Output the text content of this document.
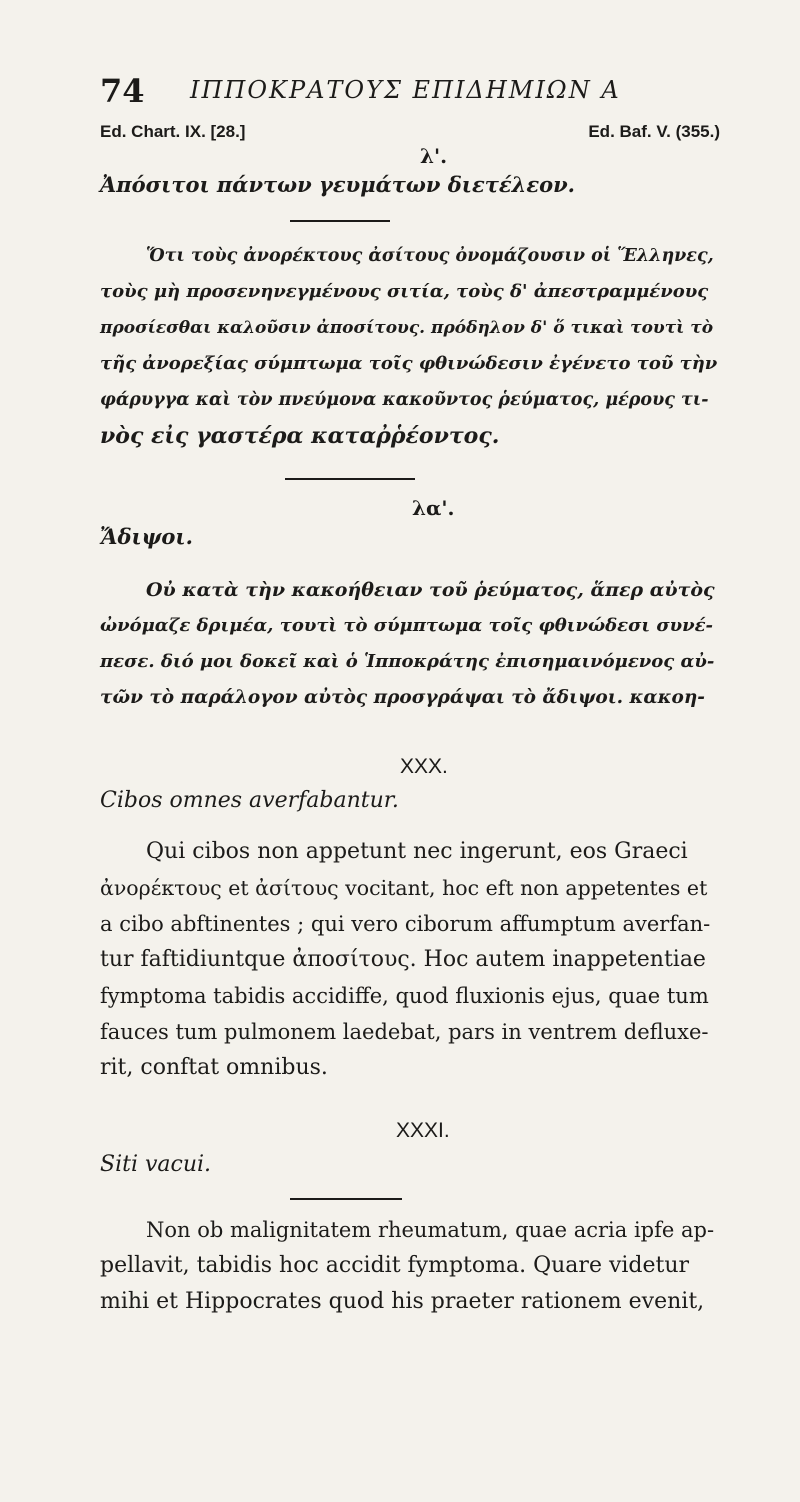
74 ΙΠΠΟΚΡΑΤΟΥΣ ΕΠΙΔΗΜΙΩΝ Α
Ed. Chart. IX. [28.]	Ed. Baf. V. (355.)
λ'.
Ἀπόσιτοι πάντων γευμάτων διετέλεον.
Ὅτι τοὺς ἀνορέκτους ἀσίτους ὀνομάζουσιν οἱ Ἕλληνες,
τοὺς μὴ προσενηνεγμένους σιτία, τοὺς δ' ἀπεστραμμένους
προσίεσθαι καλοῦσιν ἀποσίτους. πρόδηλον δ' ὅ τικαὶ τουτὶ τὸ
τῆς ἀνορεξίας σύμπτωμα τοῖς φθινώδεσιν ἐγένετο τοῦ τὴν
φάρυγγα καὶ τὸν πνεύμονα κακοῦντος ῥεύματος, μέρους τι-
νὸς εἰς γαστέρα καταῤῥέοντος.
λα'.
Ἄδιψοι.
Οὐ κατὰ τὴν κακοήθειαν τοῦ ῥεύματος, ἅπερ αὐτὸς
ὠνόμαζε δριμέα, τουτὶ τὸ σύμπτωμα τοῖς φθινώδεσι συνέ-
πεσε. διό μοι δοκεῖ καὶ ὁ Ἱπποκράτης ἐπισημαινόμενος αὐ-
τῶν τὸ παράλογον αὐτὸς προσγράψαι τὸ ἄδιψοι. κακοη-
XXX.
Cibos omnes averfabantur.
Qui cibos non appetunt nec ingerunt, eos Graeci
ἀνορέκτους et ἀσίτους vocitant, hoc eft non appetentes et
a cibo abftinentes ; qui vero ciborum affumptum averfan-
tur faftidiuntque ἀποσίτους. Hoc autem inappetentiae
fymptoma tabidis accidiffe, quod fluxionis ejus, quae tum
fauces tum pulmonem laedebat, pars in ventrem defluxe-
rit, conftat omnibus.
XXXI.
Siti vacui.
Non ob malignitatem rheumatum, quae acria ipfe ap-
pellavit, tabidis hoc accidit fymptoma. Quare videtur
mihi et Hippocrates quod his praeter rationem evenit,
